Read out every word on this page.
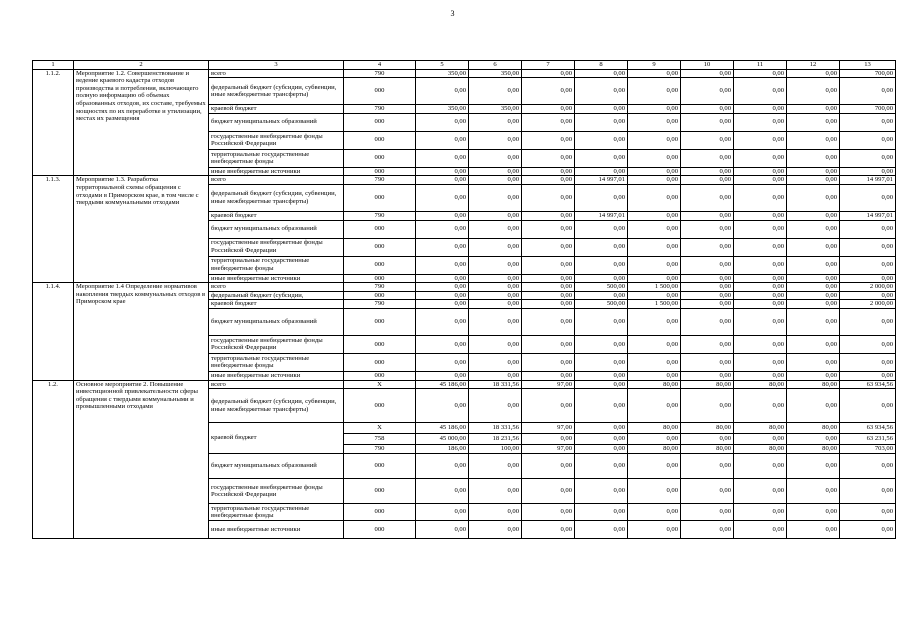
3
1	2	3	4	5	6	7	8	9	10	11	12	13
1.1.2.	Мероприятие 1.2. Совершенствование и ведение краевого кадастра отходов производства и потребления, включающего полную информацию об объемах образованных отходов, их составе, требуемых мощностях по их переработке и утилизации, местах их размещения	всего	790	350,00	350,00	0,00	0,00	0,00	0,00	0,00	0,00	700,00
		федеральный бюджет (субсидии, субвенции, иные межбюджетные трансферты)	000	0,00	0,00	0,00	0,00	0,00	0,00	0,00	0,00	0,00
		краевой бюджет	790	350,00	350,00	0,00	0,00	0,00	0,00	0,00	0,00	700,00
		бюджет муниципальных образований	000	0,00	0,00	0,00	0,00	0,00	0,00	0,00	0,00	0,00
		государственные внебюджетные фонды Российской Федерации	000	0,00	0,00	0,00	0,00	0,00	0,00	0,00	0,00	0,00
		территориальные государственные внебюджетные фонды	000	0,00	0,00	0,00	0,00	0,00	0,00	0,00	0,00	0,00
		иные внебюджетные источники	000	0,00	0,00	0,00	0,00	0,00	0,00	0,00	0,00	0,00
1.1.3.	Мероприятие 1.3. Разработка территориальной схемы обращения с отходами в Приморском крае, в том числе с твердыми коммунальными отходами	всего	790	0,00	0,00	0,00	14 997,01	0,00	0,00	0,00	0,00	14 997,01
		федеральный бюджет (субсидии, субвенции, иные межбюджетные трансферты)	000	0,00	0,00	0,00	0,00	0,00	0,00	0,00	0,00	0,00
		краевой бюджет	790	0,00	0,00	0,00	14 997,01	0,00	0,00	0,00	0,00	14 997,01
		бюджет муниципальных образований	000	0,00	0,00	0,00	0,00	0,00	0,00	0,00	0,00	0,00
		государственные внебюджетные фонды Российской Федерации	000	0,00	0,00	0,00	0,00	0,00	0,00	0,00	0,00	0,00
		территориальные государственные внебюджетные фонды	000	0,00	0,00	0,00	0,00	0,00	0,00	0,00	0,00	0,00
		иные внебюджетные источники	000	0,00	0,00	0,00	0,00	0,00	0,00	0,00	0,00	0,00
1.1.4.	Мероприятие 1.4 Определение нормативов накопления твердых коммунальных отходов в Приморском крае	всего	790	0,00	0,00	0,00	500,00	1 500,00	0,00	0,00	0,00	2 000,00
		федеральный бюджет (субсидии,	000	0,00	0,00	0,00	0,00	0,00	0,00	0,00	0,00	0,00
		краевой бюджет	790	0,00	0,00	0,00	500,00	1 500,00	0,00	0,00	0,00	2 000,00
		бюджет муниципальных образований	000	0,00	0,00	0,00	0,00	0,00	0,00	0,00	0,00	0,00
		государственные внебюджетные фонды Российской Федерации	000	0,00	0,00	0,00	0,00	0,00	0,00	0,00	0,00	0,00
		территориальные государственные внебюджетные фонды	000	0,00	0,00	0,00	0,00	0,00	0,00	0,00	0,00	0,00
		иные внебюджетные источники	000	0,00	0,00	0,00	0,00	0,00	0,00	0,00	0,00	0,00
1.2.	Основное мероприятие 2. Повышение инвестиционной привлекательности сферы обращения с твердыми коммунальными и промышленными отходами	всего	X	45 186,00	18 331,56	97,00	0,00	80,00	80,00	80,00	80,00	63 934,56
		федеральный бюджет (субсидии, субвенции, иные межбюджетные трансферты)	000	0,00	0,00	0,00	0,00	0,00	0,00	0,00	0,00	0,00
		краевой бюджет	X	45 186,00	18 331,56	97,00	0,00	80,00	80,00	80,00	80,00	63 934,56
			758	45 000,00	18 231,56	0,00	0,00	0,00	0,00	0,00	0,00	63 231,56
			790	186,00	100,00	97,00	0,00	80,00	80,00	80,00	80,00	703,00
		бюджет муниципальных образований	000	0,00	0,00	0,00	0,00	0,00	0,00	0,00	0,00	0,00
		государственные внебюджетные фонды Российской Федерации	000	0,00	0,00	0,00	0,00	0,00	0,00	0,00	0,00	0,00
		территориальные государственные внебюджетные фонды	000	0,00	0,00	0,00	0,00	0,00	0,00	0,00	0,00	0,00
		иные внебюджетные источники	000	0,00	0,00	0,00	0,00	0,00	0,00	0,00	0,00	0,00
